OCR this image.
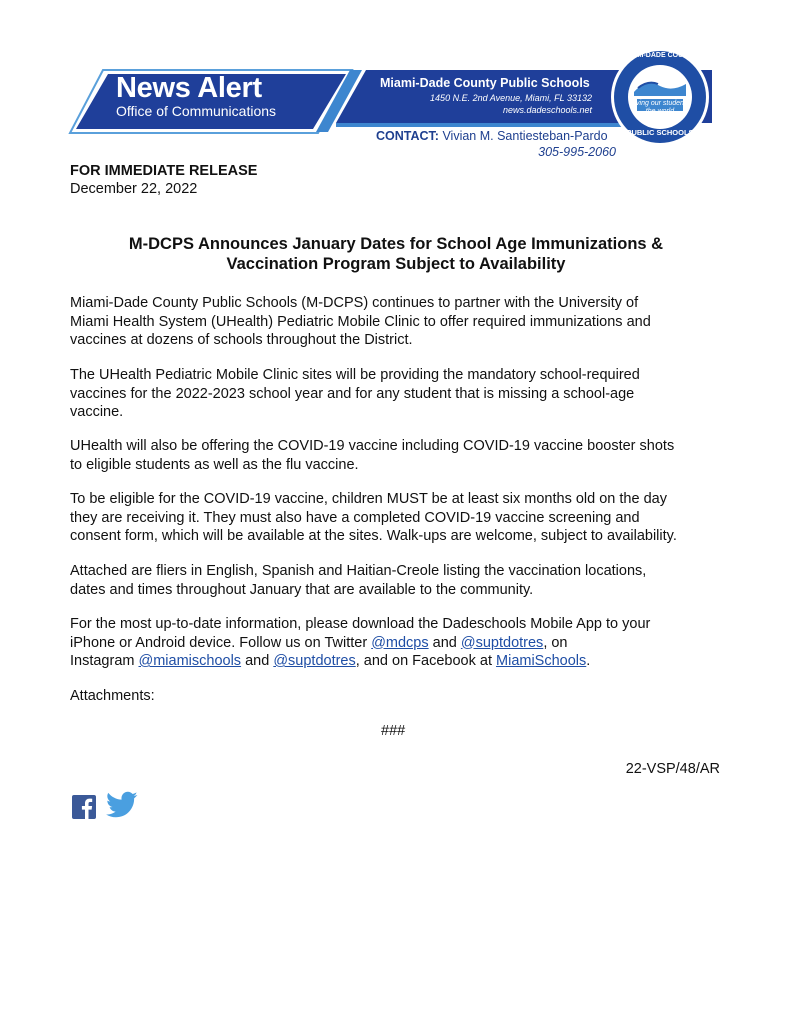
MIAMI-DADE COUNTY
giving our students
the world
PUBLIC SCHOOLS
News Alert
Office of Communications
Miami-Dade County Public Schools
1450 N.E. 2nd Avenue, Miami, FL 33132
news.dadeschools.net
CONTACT: Vivian M. Santiesteban-Pardo
305-995-2060
FOR IMMEDIATE RELEASE
December 22, 2022
M-DCPS Announces January Dates for School Age Immunizations &
Vaccination Program Subject to Availability
Miami-Dade County Public Schools (M-DCPS) continues to partner with the University of
Miami Health System (UHealth) Pediatric Mobile Clinic to offer required immunizations and
vaccines at dozens of schools throughout the District.
The UHealth Pediatric Mobile Clinic sites will be providing the mandatory school-required
vaccines for the 2022-2023 school year and for any student that is missing a school-age
vaccine.
UHealth will also be offering the COVID-19 vaccine including COVID-19 vaccine booster shots
to eligible students as well as the flu vaccine.
To be eligible for the COVID-19 vaccine, children MUST be at least six months old on the day
they are receiving it. They must also have a completed COVID-19 vaccine screening and
consent form, which will be available at the sites. Walk-ups are welcome, subject to availability.
Attached are fliers in English, Spanish and Haitian-Creole listing the vaccination locations,
dates and times throughout January that are available to the community.
For the most up-to-date information, please download the Dadeschools Mobile App to your
iPhone or Android device. Follow us on Twitter @mdcps and @suptdotres, on
Instagram @miamischools and @suptdotres, and on Facebook at MiamiSchools.
Attachments:
###
22-VSP/48/AR
